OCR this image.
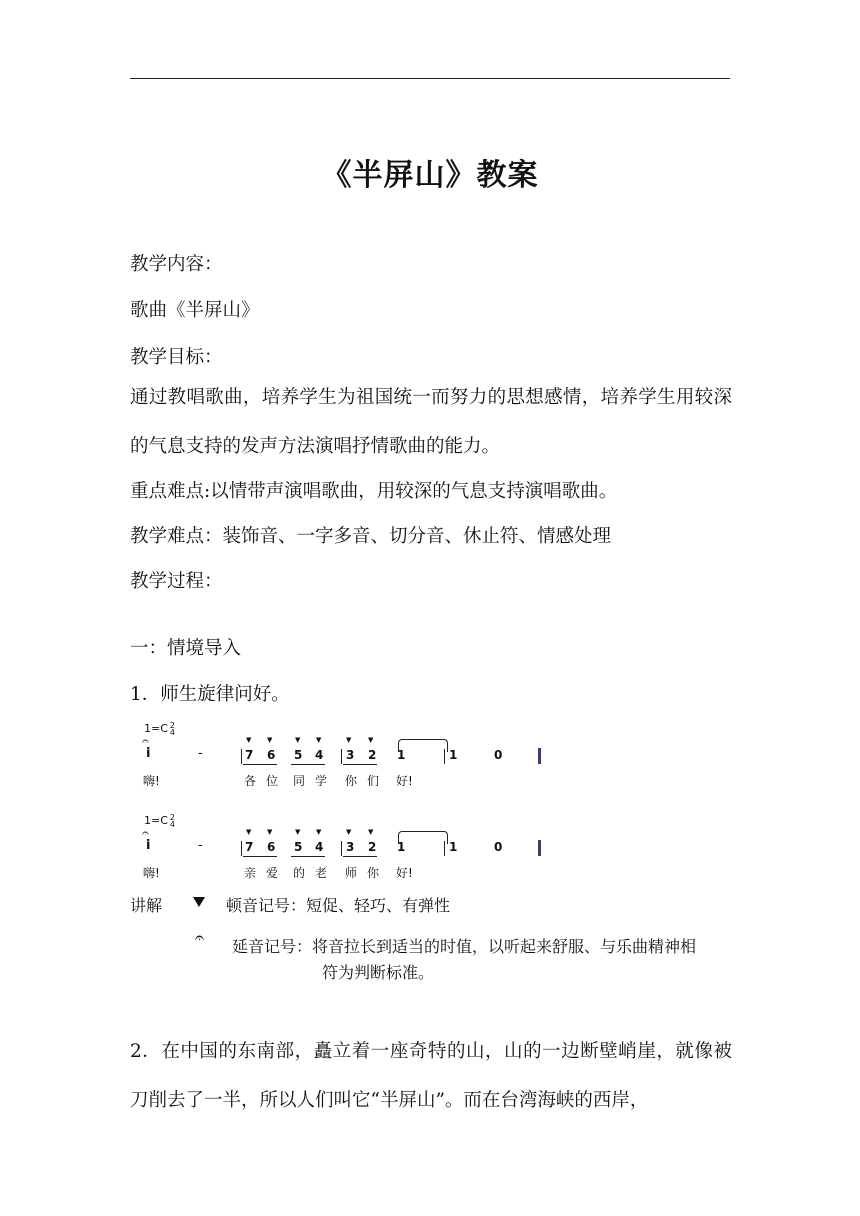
《半屏山》教案
教学内容：
歌曲《半屏山》
教学目标：
通过教唱歌曲，培养学生为祖国统一而努力的思想感情，培养学生用较深的气息支持的发声方法演唱抒情歌曲的能力。
重点难点:以情带声演唱歌曲，用较深的气息支持演唱歌曲。
教学难点：装饰音、一字多音、切分音、休止符、情感处理
教学过程：
一：情境导入
1．师生旋律问好。
1=C 2
4
𝄐
i	-
▼ ▼	▼ ▼	▼ ▼
7 6 5 4 3 2 1	1	0
嗨!	各 位 同 学 你 们 好!
1=C 2
4
𝄐
i	-
▼ ▼	▼ ▼	▼ ▼
7 6 5 4 3 2 1	1	0
嗨!	亲 爱 的 老 师 你 好!
讲解	顿音记号：短促、轻巧、有弹性
𝄐 延音记号：将音拉长到适当的时值，以听起来舒服、与乐曲精神相
符为判断标准。
2．在中国的东南部，矗立着一座奇特的山，山的一边断壁峭崖，就像被刀削去了一半，所以人们叫它“半屏山”。而在台湾海峡的西岸，
